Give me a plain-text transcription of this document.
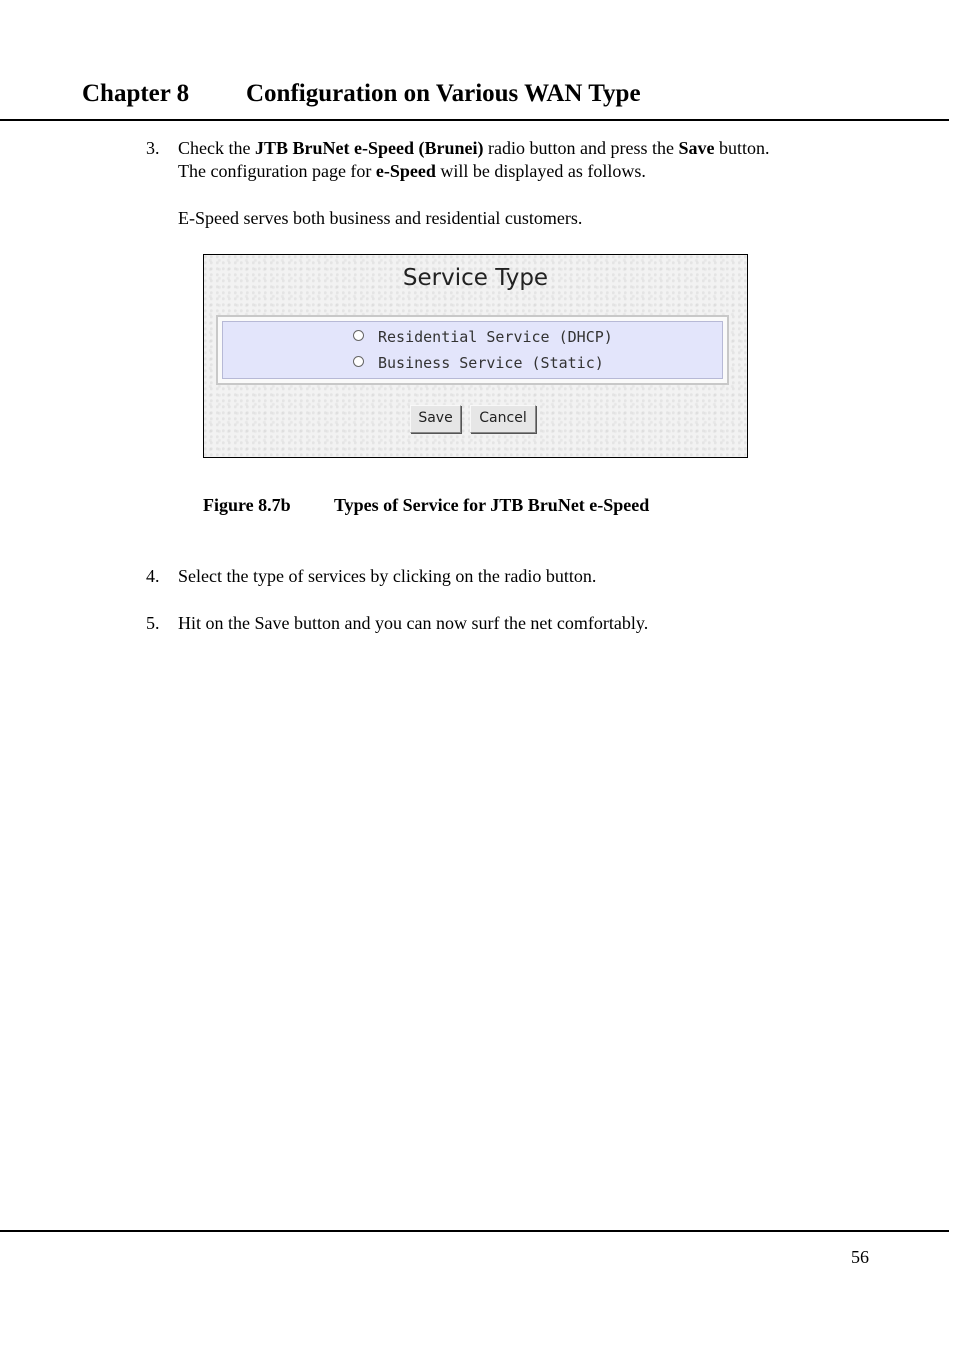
Chapter 8 Configuration on Various WAN Type
3. Check the JTB BruNet e-Speed (Brunei) radio button and press the Save button.
The configuration page for e-Speed will be displayed as follows.
E-Speed serves both business and residential customers.
Service Type
Residential Service (DHCP)
Business Service (Static)
Save	Cancel
Figure 8.7b Types of Service for JTB BruNet e-Speed
4. Select the type of services by clicking on the radio button.
5. Hit on the Save button and you can now surf the net comfortably.
56
